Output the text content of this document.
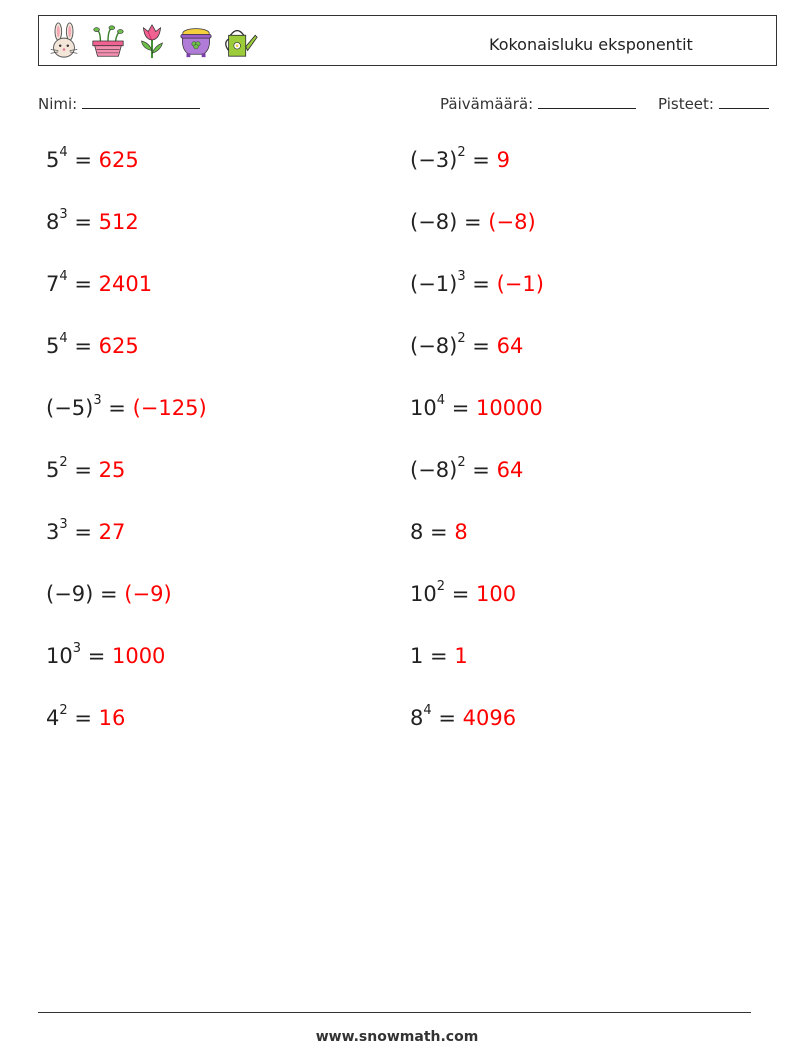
Kokonaisluku eksponentit
Nimi:	Päivämäärä:	Pisteet:
$5^4 = 625$	$(-3)^2 = 9$
$8^3 = 512$	(−8) = (−8)
$7^4 = 2401$	$(-1)^3 = (-1)$
$5^4 = 625$	$(-8)^2 = 64$
$(-5)^3 = (-125)$	$10^4 = 10000$
$5^2 = 25$	$(-8)^2 = 64$
$3^3 = 27$	8 = 8
(−9) = (−9)	$10^2 = 100$
$10^3 = 1000$	1 = 1
$4^2 = 16$	$8^4 = 4096$
www.snowmath.com
